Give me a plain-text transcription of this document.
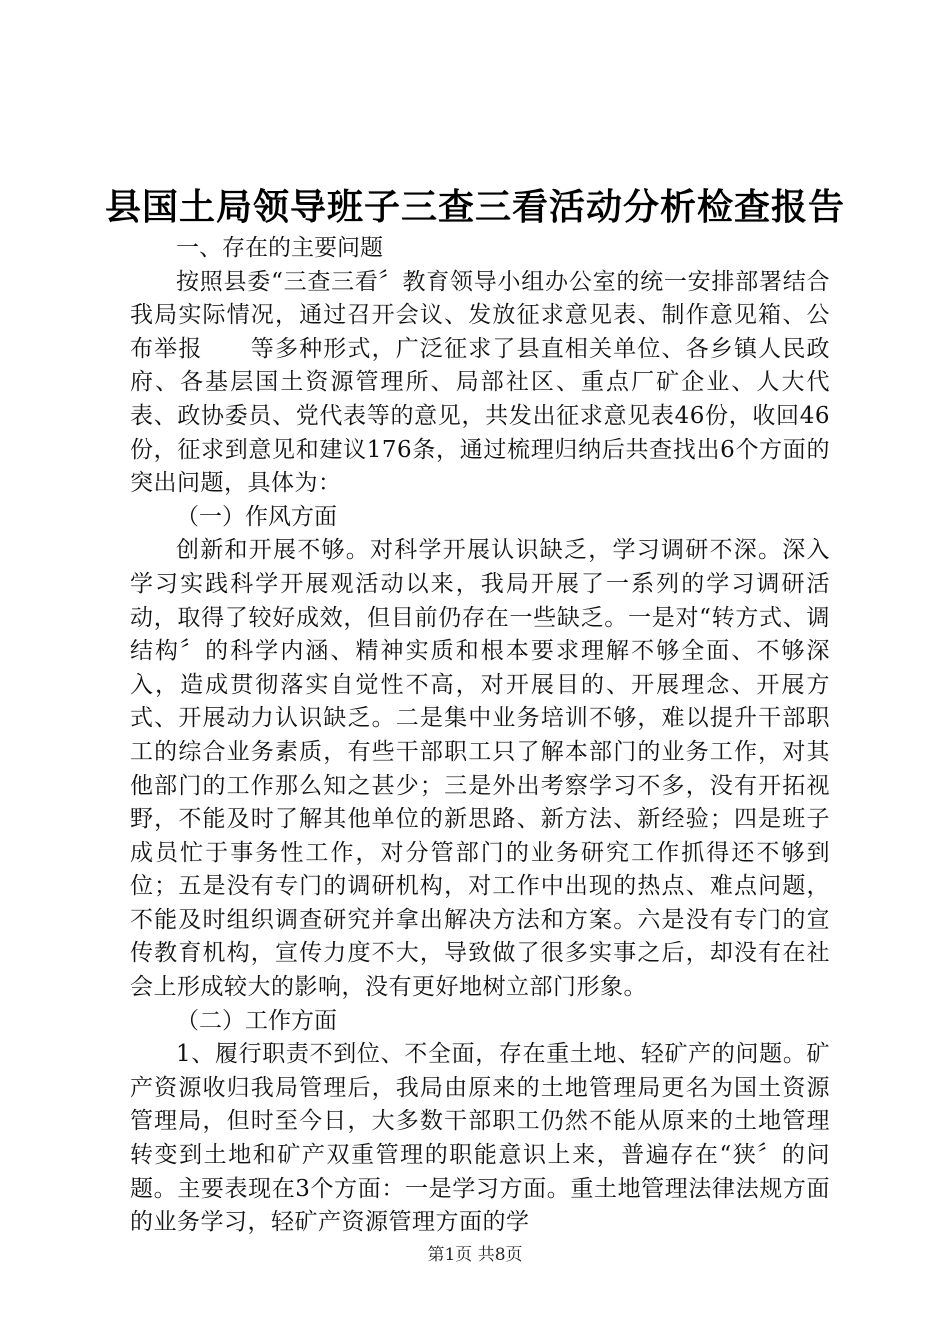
县国土局领导班子三查三看活动分析检查报告

一、存在的主要问题

按照县委“三查三看〞教育领导小组办公室的统一安排部署结合我局实际情况，通过召开会议、发放征求意见表、制作意见箱、公布举报　　等多种形式，广泛征求了县直相关单位、各乡镇人民政府、各基层国土资源管理所、局部社区、重点厂矿企业、人大代表、政协委员、党代表等的意见，共发出征求意见表46份，收回46份，征求到意见和建议176条，通过梳理归纳后共查找出6个方面的突出问题，具体为：

（一）作风方面

创新和开展不够。对科学开展认识缺乏，学习调研不深。深入学习实践科学开展观活动以来，我局开展了一系列的学习调研活动，取得了较好成效，但目前仍存在一些缺乏。一是对“转方式、调结构〞的科学内涵、精神实质和根本要求理解不够全面、不够深入，造成贯彻落实自觉性不高，对开展目的、开展理念、开展方式、开展动力认识缺乏。二是集中业务培训不够，难以提升干部职工的综合业务素质，有些干部职工只了解本部门的业务工作，对其他部门的工作那么知之甚少；三是外出考察学习不多，没有开拓视野，不能及时了解其他单位的新思路、新方法、新经验；四是班子成员忙于事务性工作，对分管部门的业务研究工作抓得还不够到位；五是没有专门的调研机构，对工作中出现的热点、难点问题，不能及时组织调查研究并拿出解决方法和方案。六是没有专门的宣传教育机构，宣传力度不大，导致做了很多实事之后，却没有在社会上形成较大的影响，没有更好地树立部门形象。

（二）工作方面

1、履行职责不到位、不全面，存在重土地、轻矿产的问题。矿产资源收归我局管理后，我局由原来的土地管理局更名为国土资源管理局，但时至今日，大多数干部职工仍然不能从原来的土地管理转变到土地和矿产双重管理的职能意识上来，普遍存在“狭〞的问题。主要表现在3个方面：一是学习方面。重土地管理法律法规方面的业务学习，轻矿产资源管理方面的学

第1页 共8页
